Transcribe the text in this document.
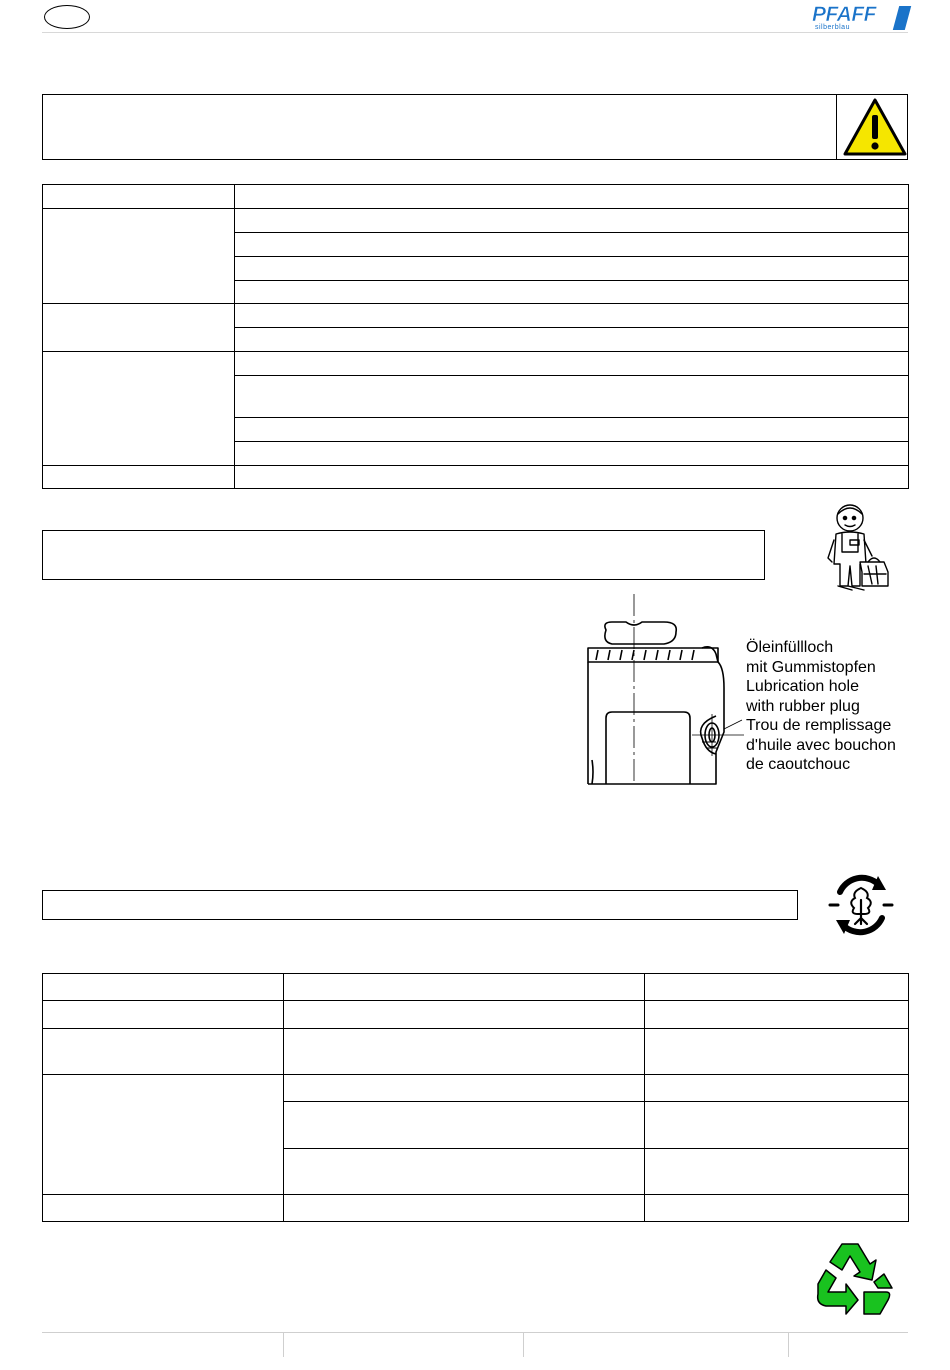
PFAFF
silberblau

Öleinfüllloch
mit Gummistopfen
Lubrication hole
with rubber plug
Trou de remplissage
d'huile avec bouchon
de caoutchouc
